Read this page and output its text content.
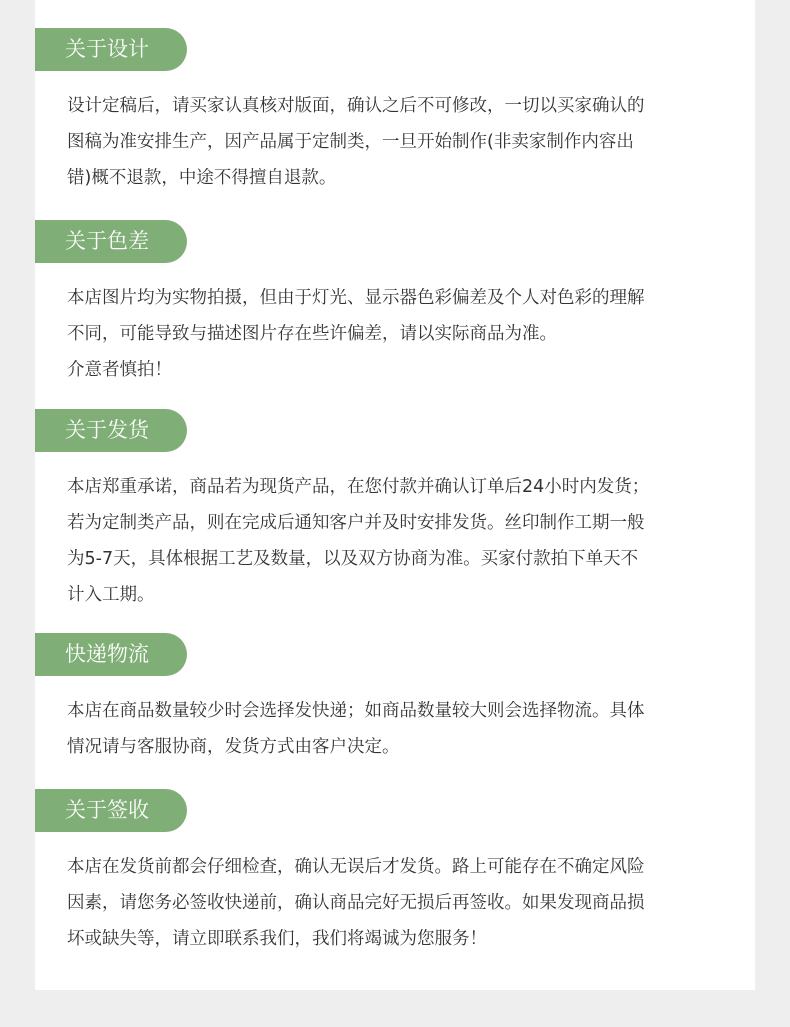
关于设计
设计定稿后，请买家认真核对版面，确认之后不可修改，一切以买家确认的
图稿为准安排生产，因产品属于定制类，一旦开始制作(非卖家制作内容出
错)概不退款，中途不得擅自退款。
关于色差
本店图片均为实物拍摄，但由于灯光、显示器色彩偏差及个人对色彩的理解
不同，可能导致与描述图片存在些许偏差，请以实际商品为准。
介意者慎拍！
关于发货
本店郑重承诺，商品若为现货产品，在您付款并确认订单后24小时内发货；
若为定制类产品，则在完成后通知客户并及时安排发货。丝印制作工期一般
为5-7天，具体根据工艺及数量，以及双方协商为准。买家付款拍下单天不
计入工期。
快递物流
本店在商品数量较少时会选择发快递；如商品数量较大则会选择物流。具体
情况请与客服协商，发货方式由客户决定。
关于签收
本店在发货前都会仔细检查，确认无误后才发货。路上可能存在不确定风险
因素，请您务必签收快递前，确认商品完好无损后再签收。如果发现商品损
坏或缺失等，请立即联系我们，我们将竭诚为您服务！
